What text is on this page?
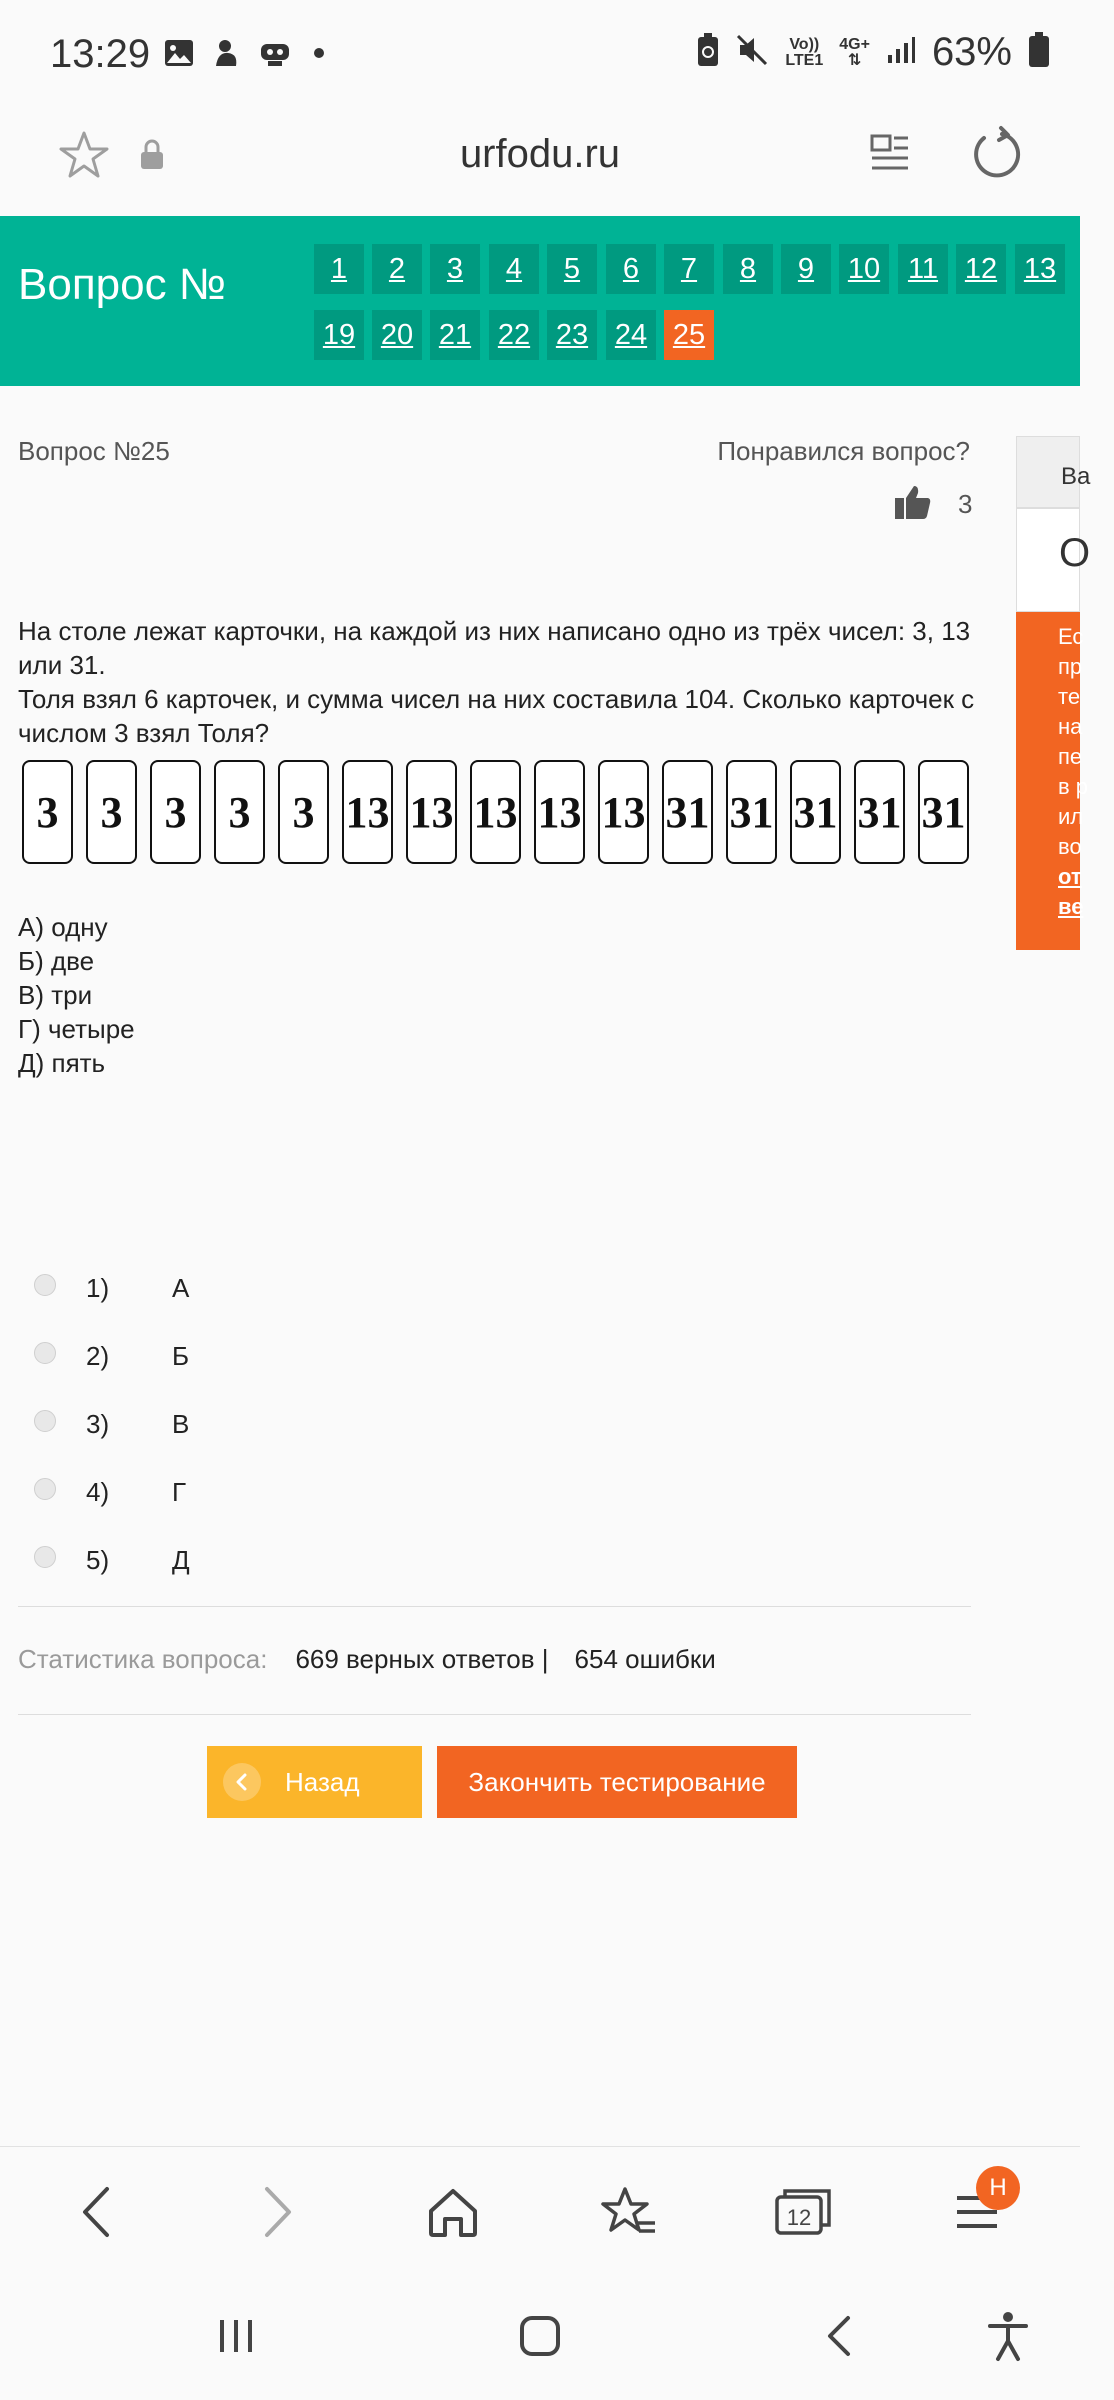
13:29	Vo))
LTE1
4G+
⇅ 63%
urfodu.ru
Вопрос №	1	2	3	4	5	6	7	8	9	10 11 12 13
19 20 21 22 23 24 25
Вопрос №25	Понравился вопрос?
3
На столе лежат карточки, на каждой из них написано одно из трёх чисел: 3, 13 или 31.
Толя взял 6 карточек, и сумма чисел на них составила 104. Сколько карточек с числом 3 взял Толя?
3 3 3 3 3 13 13 13 13 13 31 31 31 31 31
А) одну
Б) две
В) три
Г) четыре
Д) пять
1)	А
2)	Б
3)	В
4)	Г
5)	Д
Статистика вопроса: 669 верных ответов | 654 ошибки
Назад	Закончить тестирование
Ва
О
Ес
пр
те
на
пе
в р
ил
во
от
ве
12
H
